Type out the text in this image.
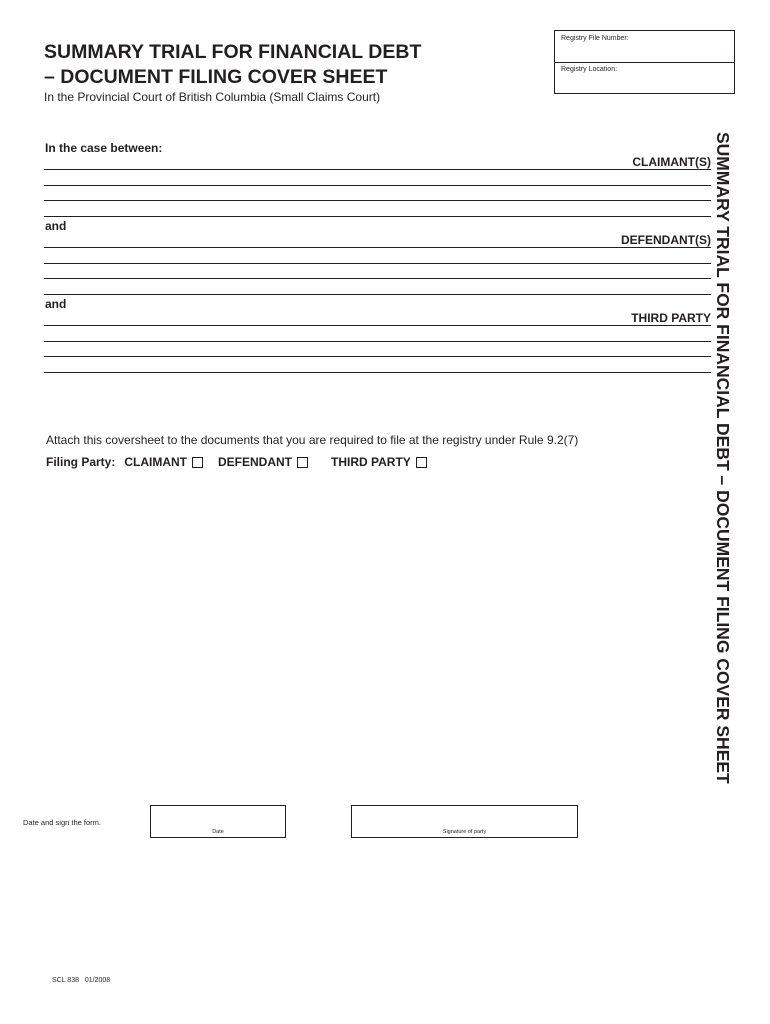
SUMMARY TRIAL FOR FINANCIAL DEBT
– DOCUMENT FILING COVER SHEET
In the Provincial Court of British Columbia (Small Claims Court)
Registry File Number:
Registry Location:
In the case between:
CLAIMANT(S)
and
DEFENDANT(S)
and
THIRD PARTY
Attach this coversheet to the documents that you are required to file at the registry under Rule 9.2(7)
Filing Party: CLAIMANT	DEFENDANT	THIRD PARTY	SUMMARY TRIAL FOR FINANCIAL DEBT – DOCUMENT FILING COVER SHEET
Date and sign the form.
Date	Signature of party
SCL 838   01/2008
